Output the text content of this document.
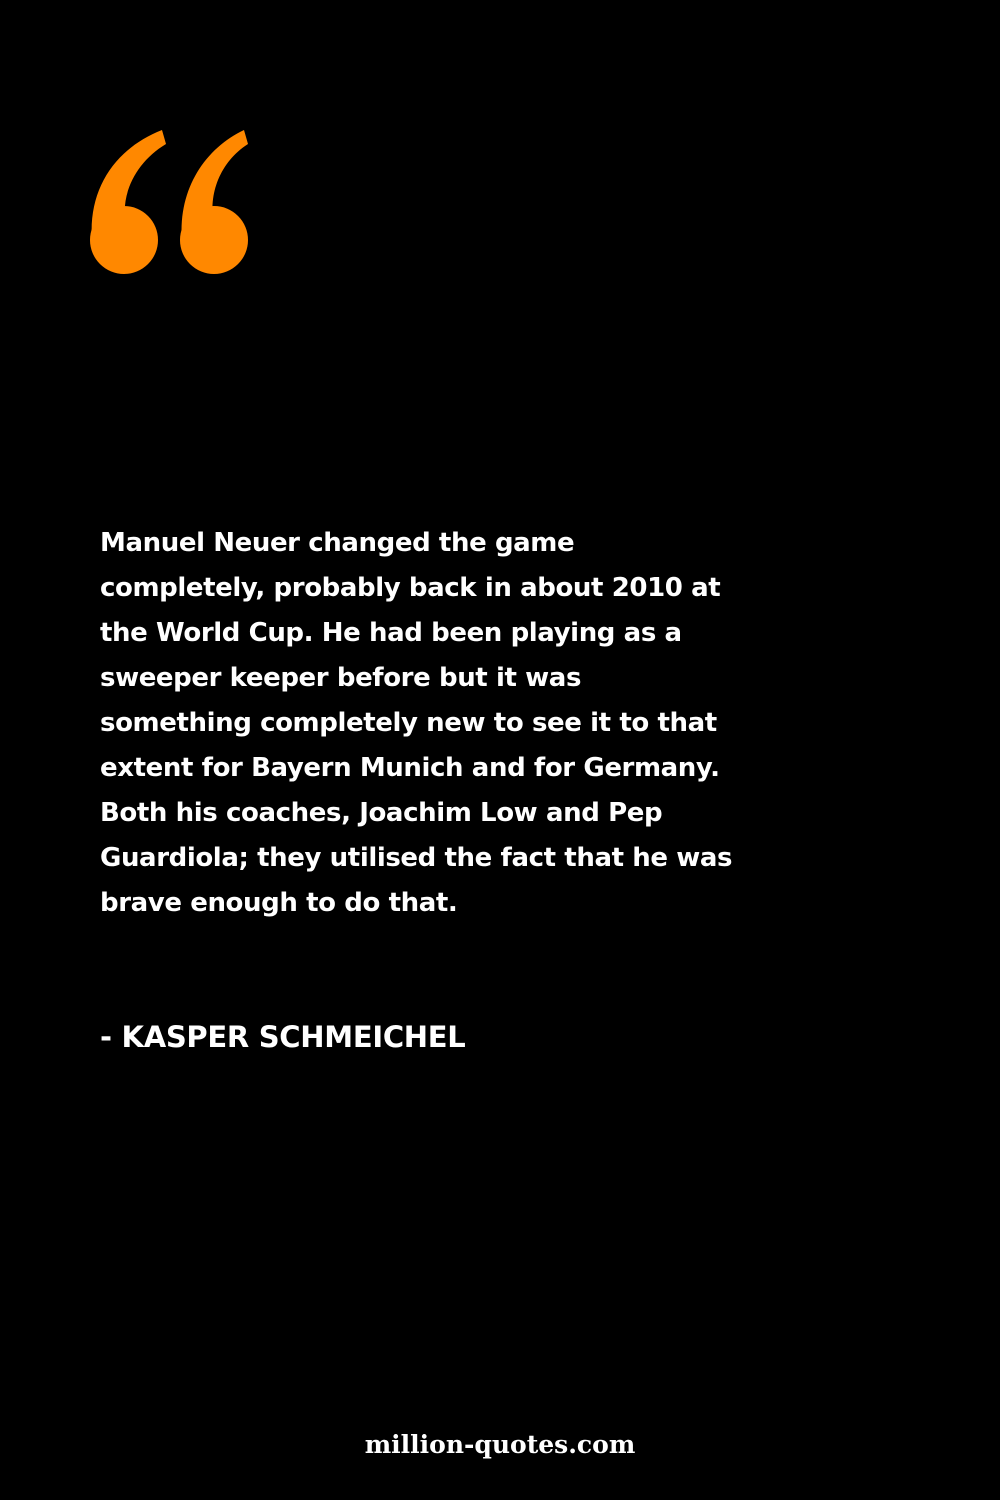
Manuel Neuer changed the game
completely, probably back in about 2010 at
the World Cup. He had been playing as a
sweeper keeper before but it was
something completely new to see it to that
extent for Bayern Munich and for Germany.
Both his coaches, Joachim Low and Pep
Guardiola; they utilised the fact that he was
brave enough to do that.
- KASPER SCHMEICHEL
million-quotes.com
